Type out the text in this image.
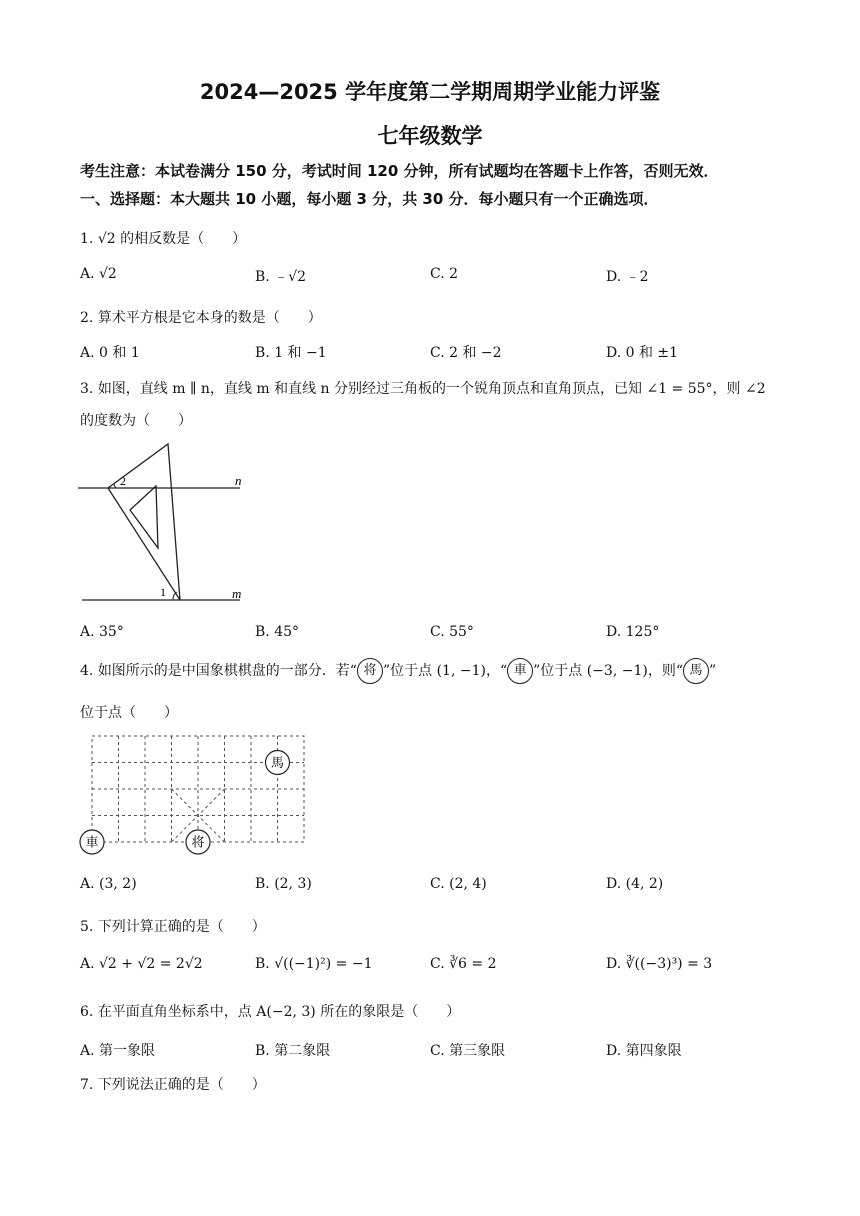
2024—2025 学年度第二学期周期学业能力评鉴
七年级数学
考生注意：本试卷满分 150 分，考试时间 120 分钟，所有试题均在答题卡上作答，否则无效．
一、选择题：本大题共 10 小题，每小题 3 分，共 30 分．每小题只有一个正确选项．
1. √2 的相反数是（　　）
A. √2	B. ﹣√2	C. 2	D. ﹣2
2. 算术平方根是它本身的数是（　　）
A. 0 和 1	B. 1 和 −1	C. 2 和 −2	D. 0 和 ±1
3. 如图，直线 m ∥ n，直线 m 和直线 n 分别经过三角板的一个锐角顶点和直角顶点，已知 ∠1 = 55°，则 ∠2
的度数为（　　）
2
1
n
m
A. 35°	B. 45°	C. 55°	D. 125°
4. 如图所示的是中国象棋棋盘的一部分．若“ 将 ”位于点 (1, −1)，“ 車 ”位于点 (−3, −1)，则“ 馬 ”
位于点（　　）
馬
車	将
A. (3, 2)	B. (2, 3)	C. (2, 4)	D. (4, 2)
5. 下列计算正确的是（　　）
A. √2 + √2 = 2√2	B. √((−1)²) = −1	C. ∛6 = 2	D. ∛((−3)³) = 3
6. 在平面直角坐标系中，点 A(−2, 3) 所在的象限是（　　）
A. 第一象限	B. 第二象限	C. 第三象限	D. 第四象限
7. 下列说法正确的是（　　）
